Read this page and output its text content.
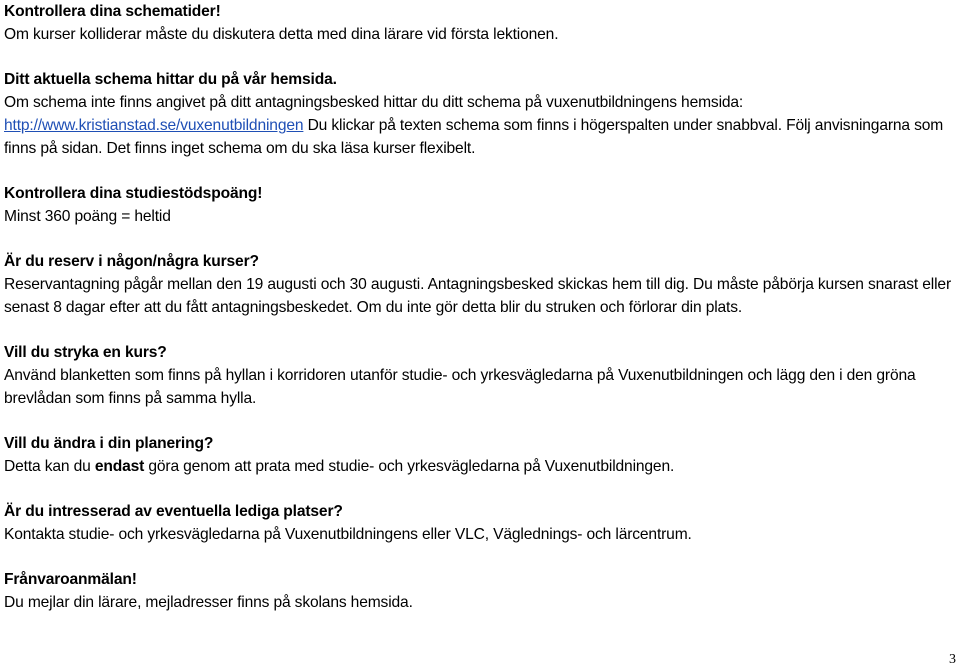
Kontrollera dina schematider!
Om kurser kolliderar måste du diskutera detta med dina lärare vid första lektionen.
Ditt aktuella schema hittar du på vår hemsida.
Om schema inte finns angivet på ditt antagningsbesked hittar du ditt schema på vuxenutbildningens hemsida: http://www.kristianstad.se/vuxenutbildningen Du klickar på texten schema som finns i högerspalten under snabbval. Följ anvisningarna som finns på sidan. Det finns inget schema om du ska läsa kurser flexibelt.
Kontrollera dina studiestödspoäng!
Minst 360 poäng = heltid
Är du reserv i någon/några kurser?
Reservantagning pågår mellan den 19 augusti och 30 augusti. Antagningsbesked skickas hem till dig. Du måste påbörja kursen snarast eller senast 8 dagar efter att du fått antagningsbeskedet. Om du inte gör detta blir du struken och förlorar din plats.
Vill du stryka en kurs?
Använd blanketten som finns på hyllan i korridoren utanför studie- och yrkesvägledarna på Vuxenutbildningen och lägg den i den gröna brevlådan som finns på samma hylla.
Vill du ändra i din planering?
Detta kan du endast göra genom att prata med studie- och yrkesvägledarna på Vuxenutbildningen.
Är du intresserad av eventuella lediga platser?
Kontakta studie- och yrkesvägledarna på Vuxenutbildningens eller VLC, Väglednings- och lärcentrum.
Frånvaroanmälan!
Du mejlar din lärare, mejladresser finns på skolans hemsida.
3
